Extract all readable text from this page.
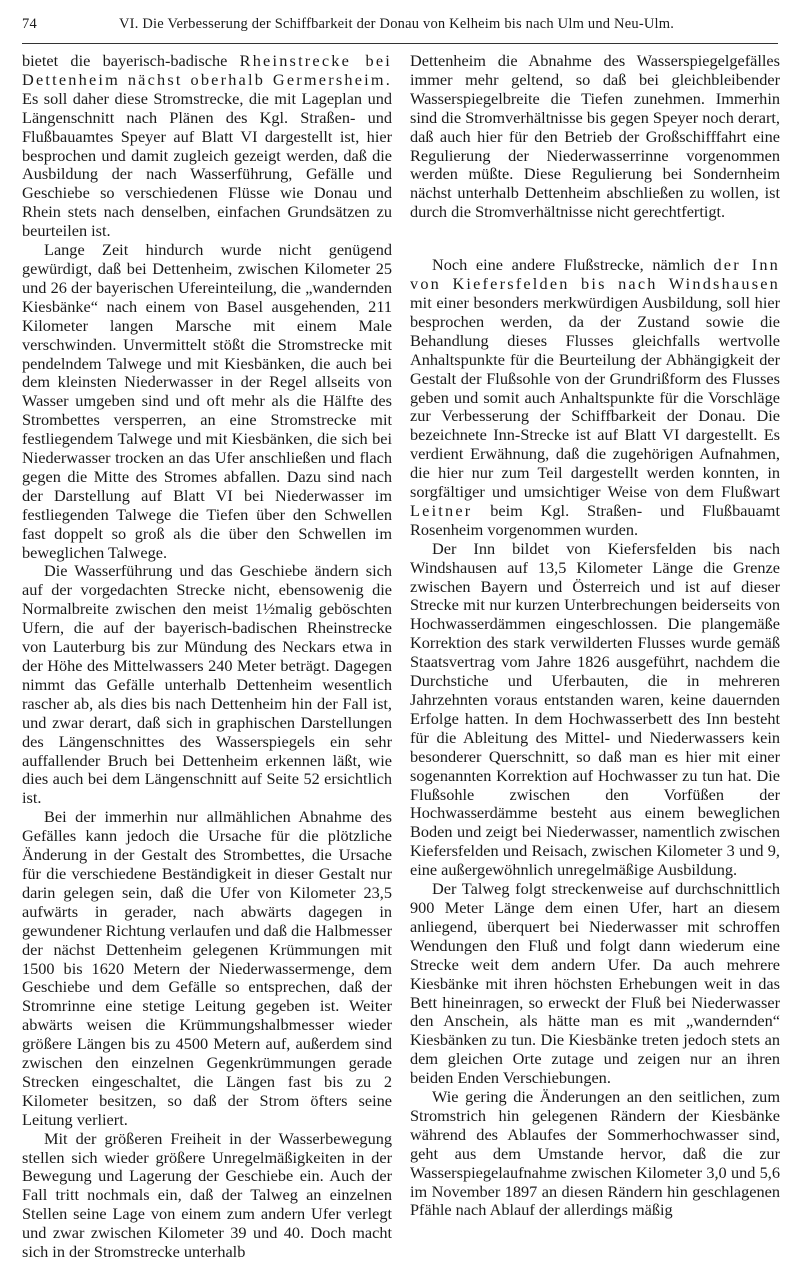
74	VI. Die Verbesserung der Schiffbarkeit der Donau von Kelheim bis nach Ulm und Neu-Ulm.

bietet die bayerisch-badische Rheinstrecke bei Dettenheim nächst oberhalb Germersheim. Es soll daher diese Stromstrecke, die mit Lageplan und Längenschnitt nach Plänen des Kgl. Straßen- und Flußbauamtes Speyer auf Blatt VI dargestellt ist, hier besprochen und damit zugleich gezeigt werden, daß die Ausbildung der nach Wasserführung, Gefälle und Geschiebe so verschiedenen Flüsse wie Donau und Rhein stets nach denselben, einfachen Grundsätzen zu beurteilen ist.

Lange Zeit hindurch wurde nicht genügend gewürdigt, daß bei Dettenheim, zwischen Kilometer 25 und 26 der bayerischen Ufereinteilung, die „wandernden Kiesbänke“ nach einem von Basel ausgehenden, 211 Kilometer langen Marsche mit einem Male verschwinden. Unvermittelt stößt die Stromstrecke mit pendelndem Talwege und mit Kiesbänken, die auch bei dem kleinsten Niederwasser in der Regel allseits von Wasser umgeben sind und oft mehr als die Hälfte des Strombettes versperren, an eine Stromstrecke mit festliegendem Talwege und mit Kiesbänken, die sich bei Niederwasser trocken an das Ufer anschließen und flach gegen die Mitte des Stromes abfallen. Dazu sind nach der Darstellung auf Blatt VI bei Niederwasser im festliegenden Talwege die Tiefen über den Schwellen fast doppelt so groß als die über den Schwellen im beweglichen Talwege.

Die Wasserführung und das Geschiebe ändern sich auf der vorgedachten Strecke nicht, ebensowenig die Normalbreite zwischen den meist 1½malig geböschten Ufern, die auf der bayerisch-badischen Rheinstrecke von Lauterburg bis zur Mündung des Neckars etwa in der Höhe des Mittelwassers 240 Meter beträgt. Dagegen nimmt das Gefälle unterhalb Dettenheim wesentlich rascher ab, als dies bis nach Dettenheim hin der Fall ist, und zwar derart, daß sich in graphischen Darstellungen des Längenschnittes des Wasserspiegels ein sehr auffallender Bruch bei Dettenheim erkennen läßt, wie dies auch bei dem Längenschnitt auf Seite 52 ersichtlich ist.

Bei der immerhin nur allmählichen Abnahme des Gefälles kann jedoch die Ursache für die plötzliche Änderung in der Gestalt des Strombettes, die Ursache für die verschiedene Beständigkeit in dieser Gestalt nur darin gelegen sein, daß die Ufer von Kilometer 23,5 aufwärts in gerader, nach abwärts dagegen in gewundener Richtung verlaufen und daß die Halbmesser der nächst Dettenheim gelegenen Krümmungen mit 1500 bis 1620 Metern der Niederwassermenge, dem Geschiebe und dem Gefälle so entsprechen, daß der Stromrinne eine stetige Leitung gegeben ist. Weiter abwärts weisen die Krümmungshalbmesser wieder größere Längen bis zu 4500 Metern auf, außerdem sind zwischen den einzelnen Gegenkrümmungen gerade Strecken eingeschaltet, die Längen fast bis zu 2 Kilometer besitzen, so daß der Strom öfters seine Leitung verliert.

Mit der größeren Freiheit in der Wasserbewegung stellen sich wieder größere Unregelmäßigkeiten in der Bewegung und Lagerung der Geschiebe ein. Auch der Fall tritt nochmals ein, daß der Talweg an einzelnen Stellen seine Lage von einem zum andern Ufer verlegt und zwar zwischen Kilometer 39 und 40. Doch macht sich in der Stromstrecke unterhalb

Dettenheim die Abnahme des Wasserspiegelgefälles immer mehr geltend, so daß bei gleichbleibender Wasserspiegelbreite die Tiefen zunehmen. Immerhin sind die Stromverhältnisse bis gegen Speyer noch derart, daß auch hier für den Betrieb der Großschifffahrt eine Regulierung der Niederwasserrinne vorgenommen werden müßte. Diese Regulierung bei Sondernheim nächst unterhalb Dettenheim abschließen zu wollen, ist durch die Stromverhältnisse nicht gerechtfertigt.

Noch eine andere Flußstrecke, nämlich der Inn von Kiefersfelden bis nach Windshausen mit einer besonders merkwürdigen Ausbildung, soll hier besprochen werden, da der Zustand sowie die Behandlung dieses Flusses gleichfalls wertvolle Anhaltspunkte für die Beurteilung der Abhängigkeit der Gestalt der Flußsohle von der Grundrißform des Flusses geben und somit auch Anhaltspunkte für die Vorschläge zur Verbesserung der Schiffbarkeit der Donau. Die bezeichnete Inn-Strecke ist auf Blatt VI dargestellt. Es verdient Erwähnung, daß die zugehörigen Aufnahmen, die hier nur zum Teil dargestellt werden konnten, in sorgfältiger und umsichtiger Weise von dem Flußwart Leitner beim Kgl. Straßen- und Flußbauamt Rosenheim vorgenommen wurden.

Der Inn bildet von Kiefersfelden bis nach Windshausen auf 13,5 Kilometer Länge die Grenze zwischen Bayern und Österreich und ist auf dieser Strecke mit nur kurzen Unterbrechungen beiderseits von Hochwasserdämmen eingeschlossen. Die plangemäße Korrektion des stark verwilderten Flusses wurde gemäß Staatsvertrag vom Jahre 1826 ausgeführt, nachdem die Durchstiche und Uferbauten, die in mehreren Jahrzehnten voraus entstanden waren, keine dauernden Erfolge hatten. In dem Hochwasserbett des Inn besteht für die Ableitung des Mittel- und Niederwassers kein besonderer Querschnitt, so daß man es hier mit einer sogenannten Korrektion auf Hochwasser zu tun hat. Die Flußsohle zwischen den Vorfüßen der Hochwasserdämme besteht aus einem beweglichen Boden und zeigt bei Niederwasser, namentlich zwischen Kiefersfelden und Reisach, zwischen Kilometer 3 und 9, eine außergewöhnlich unregelmäßige Ausbildung.

Der Talweg folgt streckenweise auf durchschnittlich 900 Meter Länge dem einen Ufer, hart an diesem anliegend, überquert bei Niederwasser mit schroffen Wendungen den Fluß und folgt dann wiederum eine Strecke weit dem andern Ufer. Da auch mehrere Kiesbänke mit ihren höchsten Erhebungen weit in das Bett hineinragen, so erweckt der Fluß bei Niederwasser den Anschein, als hätte man es mit „wandernden“ Kiesbänken zu tun. Die Kiesbänke treten jedoch stets an dem gleichen Orte zutage und zeigen nur an ihren beiden Enden Verschiebungen.

Wie gering die Änderungen an den seitlichen, zum Stromstrich hin gelegenen Rändern der Kiesbänke während des Ablaufes der Sommerhochwasser sind, geht aus dem Umstande hervor, daß die zur Wasserspiegelaufnahme zwischen Kilometer 3,0 und 5,6 im November 1897 an diesen Rändern hin geschlagenen Pfähle nach Ablauf der allerdings mäßig
